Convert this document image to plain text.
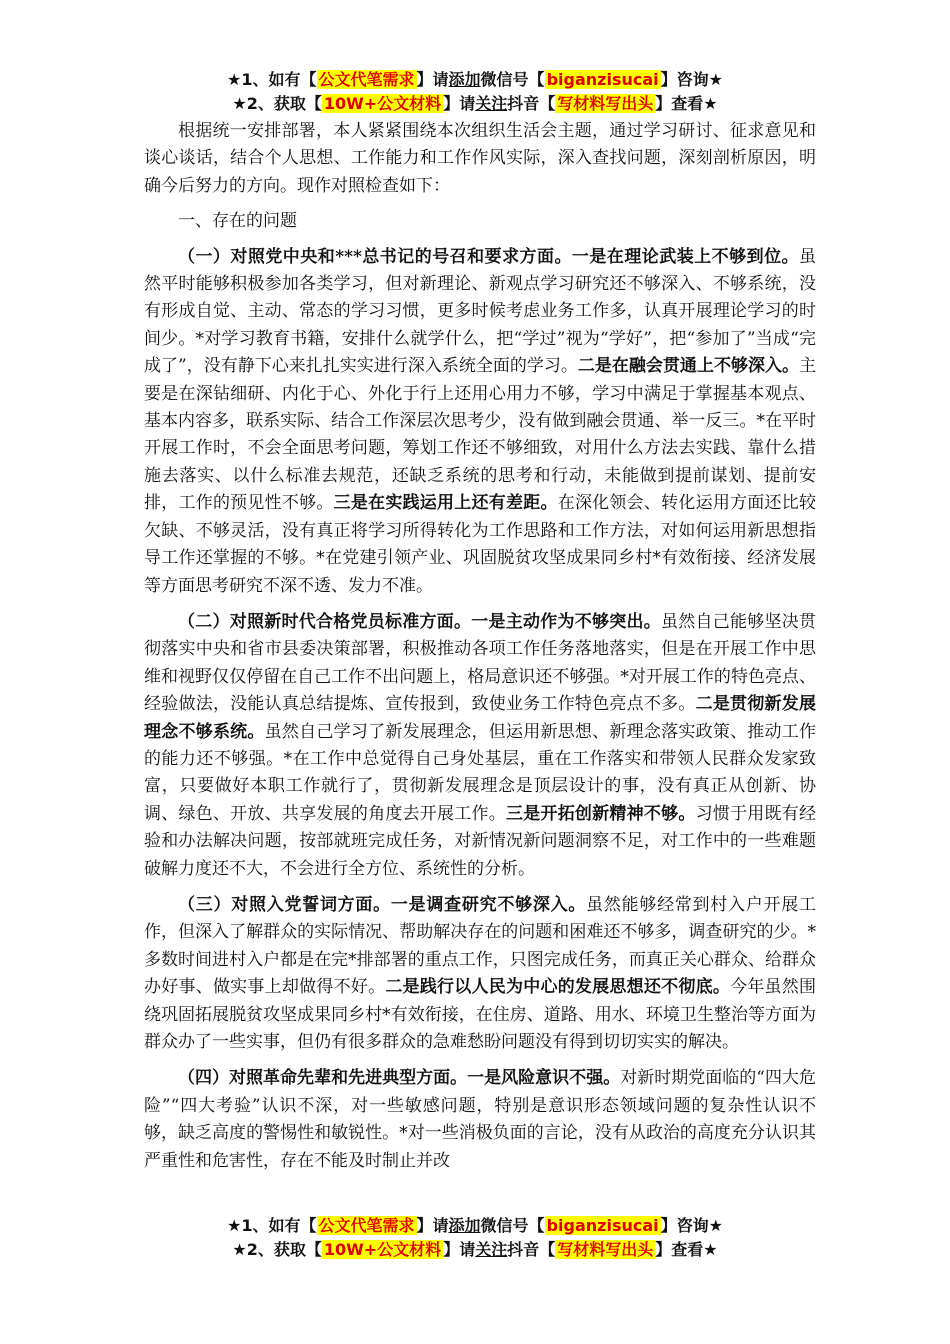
★1、如有【 公文代笔需求 】请添加微信号【 biganzisucai 】咨询★
★2、获取【 10W+公文材料 】请关注抖音【 写材料写出头 】查看★

根据统一安排部署，本人紧紧围绕本次组织生活会主题，通过学习研讨、征求意见和谈心谈话，结合个人思想、工作能力和工作作风实际，深入查找问题，深刻剖析原因，明确今后努力的方向。现作对照检查如下：

一、存在的问题

（一）对照党中央和***总书记的号召和要求方面。一是在理论武装上不够到位。虽然平时能够积极参加各类学习，但对新理论、新观点学习研究还不够深入、不够系统，没有形成自觉、主动、常态的学习习惯，更多时候考虑业务工作多，认真开展理论学习的时间少。*对学习教育书籍，安排什么就学什么，把“学过”视为“学好”，把“参加了”当成“完成了”，没有静下心来扎扎实实进行深入系统全面的学习。二是在融会贯通上不够深入。主要是在深钻细研、内化于心、外化于行上还用心用力不够，学习中满足于掌握基本观点、基本内容多，联系实际、结合工作深层次思考少，没有做到融会贯通、举一反三。*在平时开展工作时，不会全面思考问题，筹划工作还不够细致，对用什么方法去实践、靠什么措施去落实、以什么标准去规范，还缺乏系统的思考和行动，未能做到提前谋划、提前安排，工作的预见性不够。三是在实践运用上还有差距。在深化领会、转化运用方面还比较欠缺、不够灵活，没有真正将学习所得转化为工作思路和工作方法，对如何运用新思想指导工作还掌握的不够。*在党建引领产业、巩固脱贫攻坚成果同乡村*有效衔接、经济发展等方面思考研究不深不透、发力不准。

（二）对照新时代合格党员标准方面。一是主动作为不够突出。虽然自己能够坚决贯彻落实中央和省市县委决策部署，积极推动各项工作任务落地落实，但是在开展工作中思维和视野仅仅停留在自己工作不出问题上，格局意识还不够强。*对开展工作的特色亮点、经验做法，没能认真总结提炼、宣传报到，致使业务工作特色亮点不多。二是贯彻新发展理念不够系统。虽然自己学习了新发展理念，但运用新思想、新理念落实政策、推动工作的能力还不够强。*在工作中总觉得自己身处基层，重在工作落实和带领人民群众发家致富，只要做好本职工作就行了，贯彻新发展理念是顶层设计的事，没有真正从创新、协调、绿色、开放、共享发展的角度去开展工作。三是开拓创新精神不够。习惯于用既有经验和办法解决问题，按部就班完成任务，对新情况新问题洞察不足，对工作中的一些难题破解力度还不大，不会进行全方位、系统性的分析。

（三）对照入党誓词方面。一是调查研究不够深入。虽然能够经常到村入户开展工作，但深入了解群众的实际情况、帮助解决存在的问题和困难还不够多，调查研究的少。*多数时间进村入户都是在完*排部署的重点工作，只图完成任务，而真正关心群众、给群众办好事、做实事上却做得不好。二是践行以人民为中心的发展思想还不彻底。今年虽然围绕巩固拓展脱贫攻坚成果同乡村*有效衔接，在住房、道路、用水、环境卫生整治等方面为群众办了一些实事，但仍有很多群众的急难愁盼问题没有得到切切实实的解决。

（四）对照革命先辈和先进典型方面。一是风险意识不强。对新时期党面临的“四大危险”“四大考验”认识不深，对一些敏感问题，特别是意识形态领域问题的复杂性认识不够，缺乏高度的警惕性和敏锐性。*对一些消极负面的言论，没有从政治的高度充分认识其严重性和危害性，存在不能及时制止并改

★1、如有【 公文代笔需求 】请添加微信号【 biganzisucai 】咨询★
★2、获取【 10W+公文材料 】请关注抖音【 写材料写出头 】查看★
